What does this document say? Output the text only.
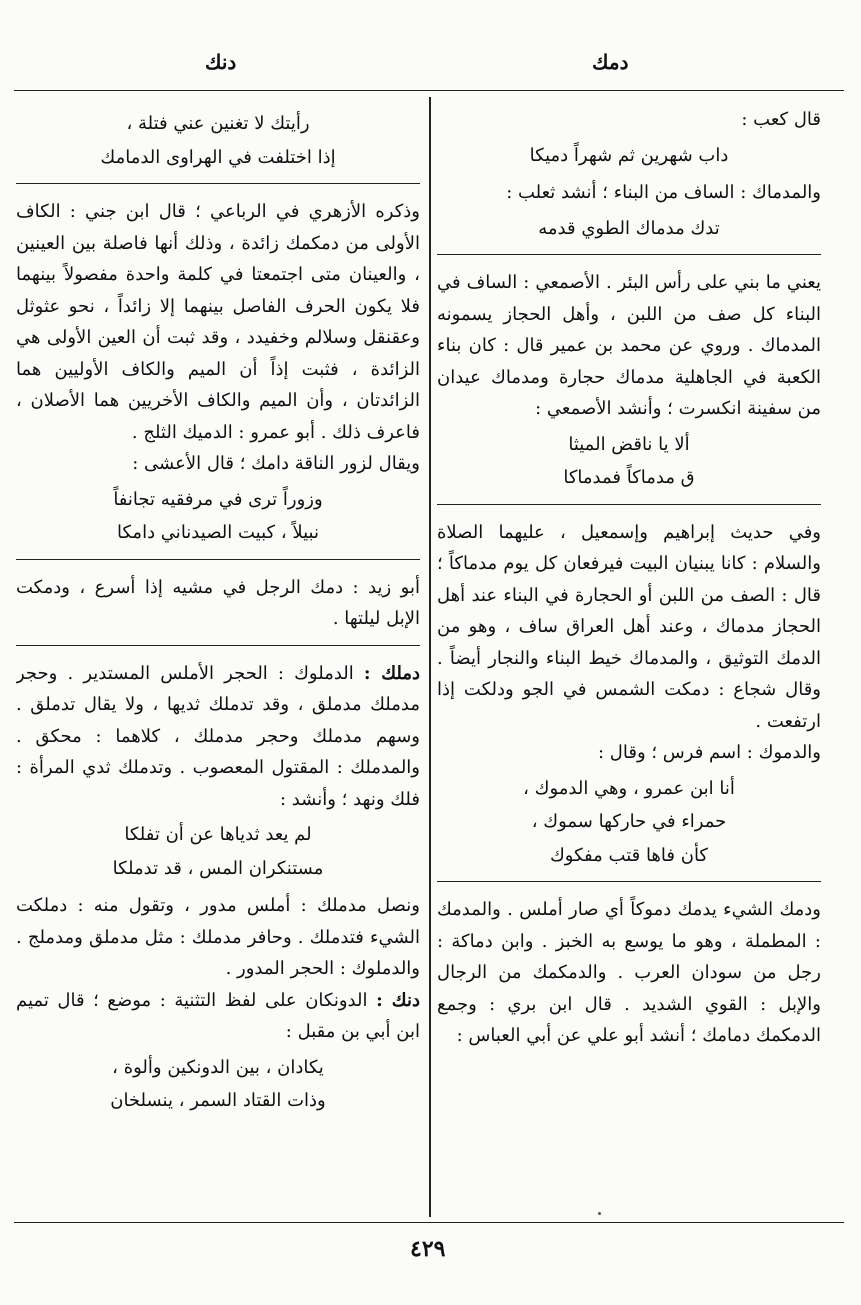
دمك
دنك

قال كعب :

داب شهرين ثم شهراً دميكا

والمدماك : الساف من البناء ؛ أنشد ثعلب :

تدك مدماك الطوي قدمه

يعني ما بني على رأس البئر . الأصمعي : الساف في البناء كل صف من اللبن ، وأهل الحجاز يسمونه المدماك . وروي عن محمد بن عمير قال : كان بناء الكعبة في الجاهلية مدماك حجارة ومدماك عيدان من سفينة انكسرت ؛ وأنشد الأصمعي :

ألا يا ناقض الميثا

ق مدماكاً فمدماكا

وفي حديث إبراهيم وإسمعيل ، عليهما الصلاة والسلام : كانا يبنيان البيت فيرفعان كل يوم مدماكاً ؛ قال : الصف من اللبن أو الحجارة في البناء عند أهل الحجاز مدماك ، وعند أهل العراق ساف ، وهو من الدمك التوثيق ، والمدماك خيط البناء والنجار أيضاً . وقال شجاع : دمكت الشمس في الجو ودلكت إذا ارتفعت .

والدموك : اسم فرس ؛ وقال :

أنا ابن عمرو ، وهي الدموك ،

حمراء في حاركها سموك ،

كأن فاها قتب مفكوك

ودمك الشيء يدمك دموكاً أي صار أملس . والمدمك : المطملة ، وهو ما يوسع به الخبز . وابن دماكة : رجل من سودان العرب . والدمكمك من الرجال والإبل : القوي الشديد . قال ابن بري : وجمع الدمكمك دمامك ؛ أنشد أبو علي عن أبي العباس :

رأيتك لا تغنين عني فتلة ،

إذا اختلفت في الهراوى الدمامك

وذكره الأزهري في الرباعي ؛ قال ابن جني : الكاف الأولى من دمكمك زائدة ، وذلك أنها فاصلة بين العينين ، والعينان متى اجتمعتا في كلمة واحدة مفصولاً بينهما فلا يكون الحرف الفاصل بينهما إلا زائداً ، نحو عثوثل وعقنقل وسلالم وخفيدد ، وقد ثبت أن العين الأولى هي الزائدة ، فثبت إذاً أن الميم والكاف الأوليين هما الزائدتان ، وأن الميم والكاف الأخريين هما الأصلان ، فاعرف ذلك . أبو عمرو : الدميك الثلج .

ويقال لزور الناقة دامك ؛ قال الأعشى :

وزوراً ترى في مرفقيه تجانفاً

نبيلاً ، كبيت الصيدناني دامكا

أبو زيد : دمك الرجل في مشيه إذا أسرع ، ودمكت الإبل ليلتها .

دملك : الدملوك : الحجر الأملس المستدير . وحجر مدملك مدملق ، وقد تدملك ثديها ، ولا يقال تدملق . وسهم مدملك وحجر مدملك ، كلاهما : محكق . والمدملك : المقتول المعصوب . وتدملك ثدي المرأة : فلك ونهد ؛ وأنشد :

لم يعد ثدياها عن أن تفلكا

مستنكران المس ، قد تدملكا

ونصل مدملك : أملس مدور ، وتقول منه : دملكت الشيء فتدملك . وحافر مدملك : مثل مدملق ومدملج . والدملوك : الحجر المدور .

دنك : الدونكان على لفظ التثنية : موضع ؛ قال تميم ابن أبي بن مقبل :

يكادان ، بين الدونكين وألوة ،

وذات القتاد السمر ، ينسلخان

٤٢٩
